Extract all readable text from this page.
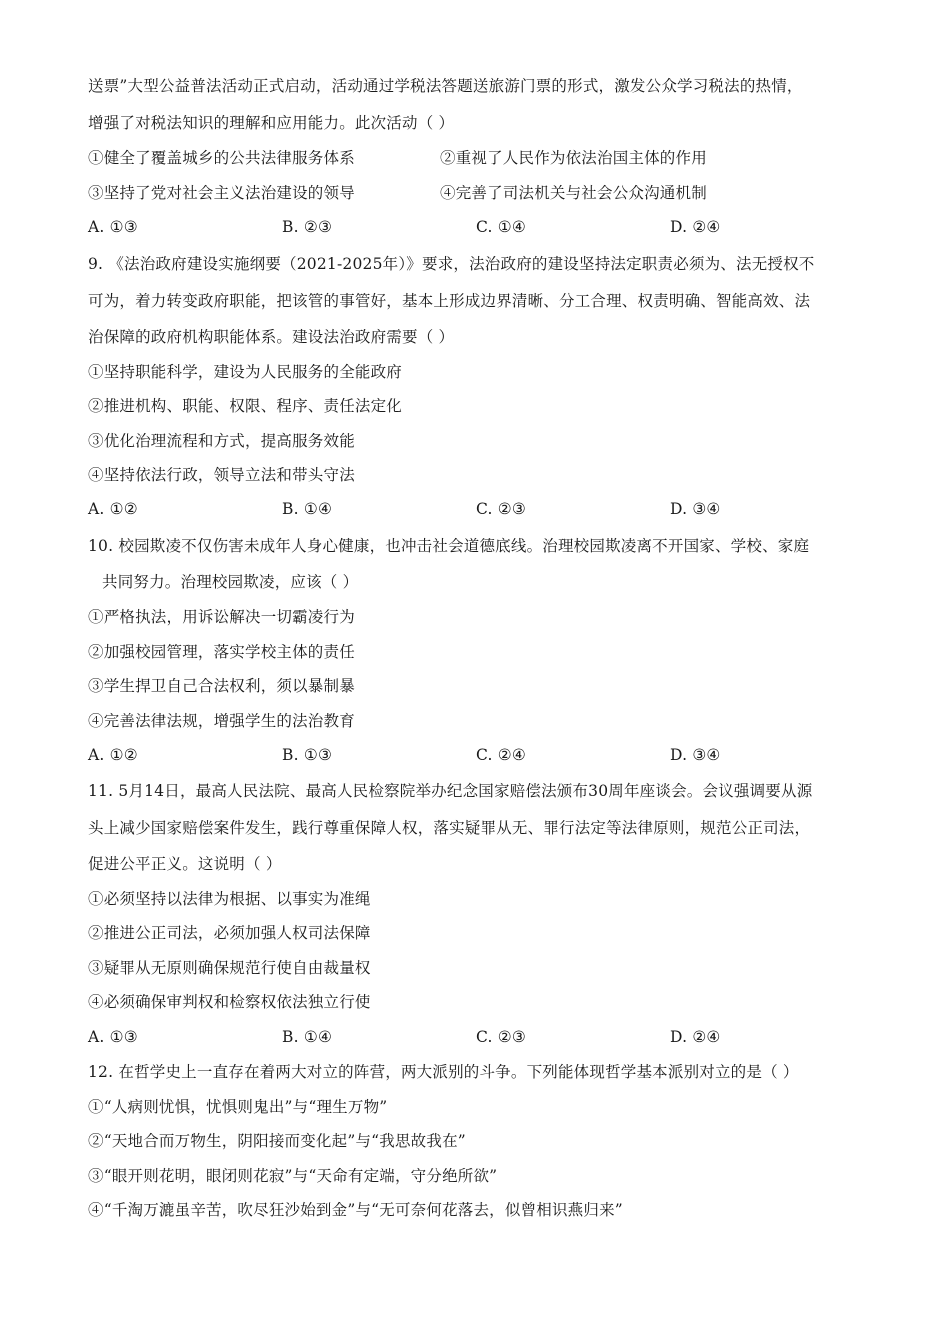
送票”大型公益普法活动正式启动，活动通过学税法答题送旅游门票的形式，激发公众学习税法的热情，
增强了对税法知识的理解和应用能力。此次活动（ ）
①健全了覆盖城乡的公共法律服务体系	②重视了人民作为依法治国主体的作用
③坚持了党对社会主义法治建设的领导	④完善了司法机关与社会公众沟通机制
A. ①③	B. ②③	C. ①④	D. ②④
9. 《法治政府建设实施纲要（2021-2025年）》要求，法治政府的建设坚持法定职责必须为、法无授权不
可为，着力转变政府职能，把该管的事管好，基本上形成边界清晰、分工合理、权责明确、智能高效、法
治保障的政府机构职能体系。建设法治政府需要（ ）
①坚持职能科学，建设为人民服务的全能政府
②推进机构、职能、权限、程序、责任法定化
③优化治理流程和方式，提高服务效能
④坚持依法行政，领导立法和带头守法
A. ①②	B. ①④	C. ②③	D. ③④
10. 校园欺凌不仅伤害未成年人身心健康，也冲击社会道德底线。治理校园欺凌离不开国家、学校、家庭
共同努力。治理校园欺凌，应该（ ）
①严格执法，用诉讼解决一切霸凌行为
②加强校园管理，落实学校主体的责任
③学生捍卫自己合法权利，须以暴制暴
④完善法律法规，增强学生的法治教育
A. ①②	B. ①③	C. ②④	D. ③④
11. 5月14日，最高人民法院、最高人民检察院举办纪念国家赔偿法颁布30周年座谈会。会议强调要从源
头上减少国家赔偿案件发生，践行尊重保障人权，落实疑罪从无、罪行法定等法律原则，规范公正司法，
促进公平正义。这说明（ ）
①必须坚持以法律为根据、以事实为准绳
②推进公正司法，必须加强人权司法保障
③疑罪从无原则确保规范行使自由裁量权
④必须确保审判权和检察权依法独立行使
A. ①③	B. ①④	C. ②③	D. ②④
12. 在哲学史上一直存在着两大对立的阵营，两大派别的斗争。下列能体现哲学基本派别对立的是（ ）
①“人病则忧惧，忧惧则鬼出”与“理生万物”
②“天地合而万物生，阴阳接而变化起”与“我思故我在”
③“眼开则花明，眼闭则花寂”与“天命有定端，守分绝所欲”
④“千淘万漉虽辛苦，吹尽狂沙始到金”与“无可奈何花落去，似曾相识燕归来”
